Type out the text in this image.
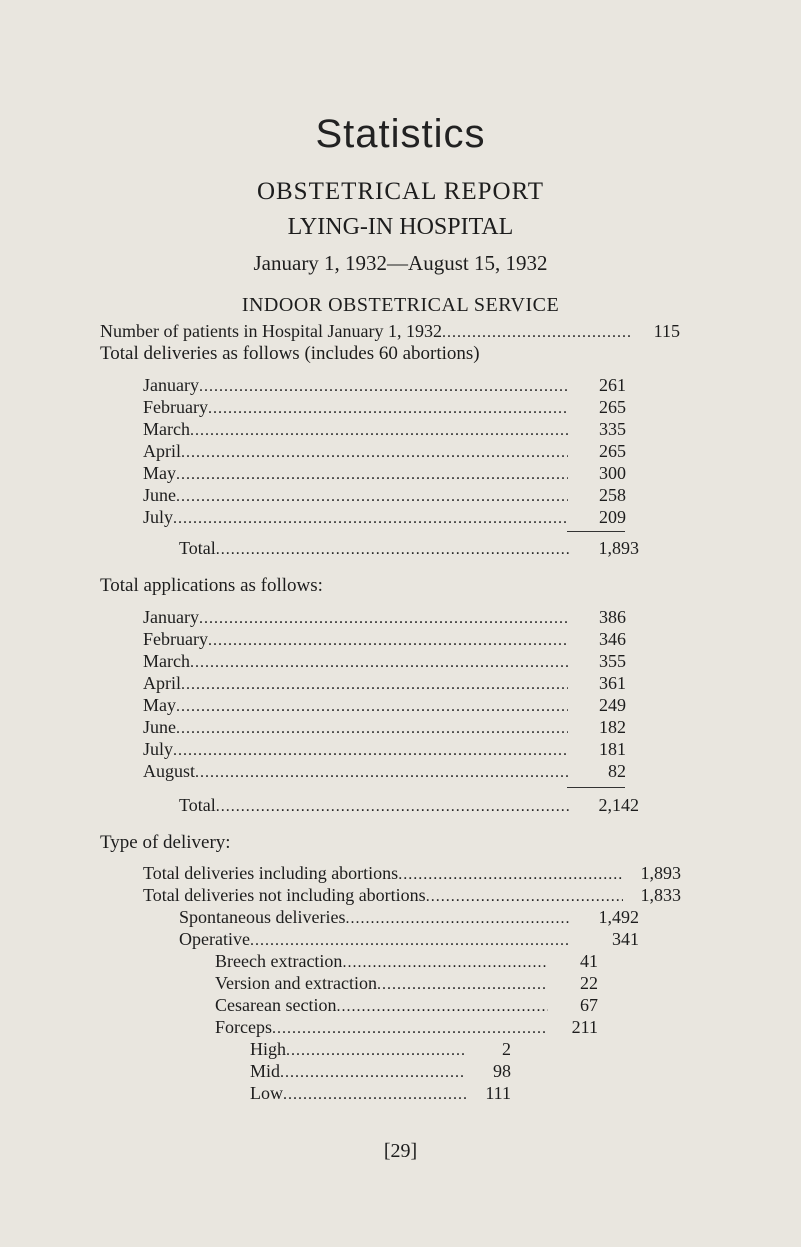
Statistics
OBSTETRICAL REPORT
LYING-IN HOSPITAL
January 1, 1932—August 15, 1932
INDOOR OBSTETRICAL SERVICE
Number of patients in Hospital January 1, 1932 . . .	115
Total deliveries as follows (includes 60 abortions)
January . . .	261
February . . .	265
March . . .	335
April . . .	265
May . . .	300
June . . .	258
July . . .	209
Total . . .	1,893
Total applications as follows:
January . . .	386
February . . .	346
March . . .	355
April . . .	361
May . . .	249
June . . .	182
July . . .	181
August . . .	82
Total . . .	2,142
Type of delivery:
Total deliveries including abortions . . .	1,893
Total deliveries not including abortions . . .	1,833
Spontaneous deliveries . . .	1,492
Operative . . .	341
Breech extraction . . .	41
Version and extraction . . .	22
Cesarean section . . .	67
Forceps . . .	211
High . . .	2
Mid . . .	98
Low . . .	111
[29]
